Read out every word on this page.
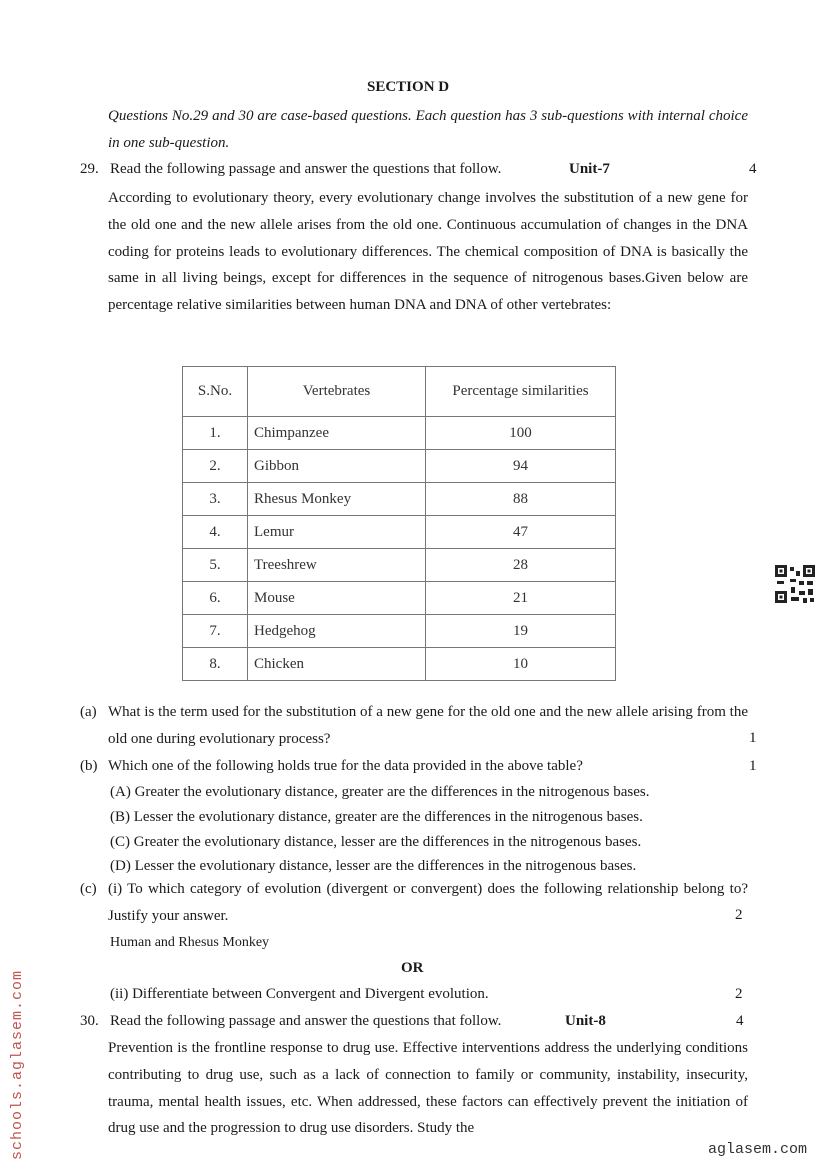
SECTION D
Questions No.29 and 30 are case-based questions. Each question has 3 sub-questions with internal choice in one sub-question.
29. Read the following passage and answer the questions that follow.	Unit-7	4
According to evolutionary theory, every evolutionary change involves the substitution of a new gene for the old one and the new allele arises from the old one. Continuous accumulation of changes in the DNA coding for proteins leads to evolutionary differences. The chemical composition of DNA is basically the same in all living beings, except for differences in the sequence of nitrogenous bases.Given below are percentage relative similarities between human DNA and DNA of other vertebrates:
S.No.	Vertebrates	Percentage similarities
1.	Chimpanzee	100
2.	Gibbon	94
3.	Rhesus Monkey	88
4.	Lemur	47
5.	Treeshrew	28
6.	Mouse	21
7.	Hedgehog	19
8.	Chicken	10
(a) What is the term used for the substitution of a new gene for the old one and the new allele arising from the old one during evolutionary process?	1
(b) Which one of the following holds true for the data provided in the above table?	1
(A) Greater the evolutionary distance, greater are the differences in the nitrogenous bases.
(B) Lesser the evolutionary distance, greater are the differences in the nitrogenous bases.
(C) Greater the evolutionary distance, lesser are the differences in the nitrogenous bases.
(D) Lesser the evolutionary distance, lesser are the differences in the nitrogenous bases.
(c) (i) To which category of evolution (divergent or convergent) does the following relationship belong to? Justify your answer.	2
Human and Rhesus Monkey
OR
(ii) Differentiate between Convergent and Divergent evolution.	2
30. Read the following passage and answer the questions that follow.	Unit-8	4
Prevention is the frontline response to drug use. Effective interventions address the underlying conditions contributing to drug use, such as a lack of connection to family or community, instability, insecurity, trauma, mental health issues, etc. When addressed, these factors can effectively prevent the initiation of drug use and the progression to drug use disorders. Study the
schools.aglasem.com	aglasem.com
